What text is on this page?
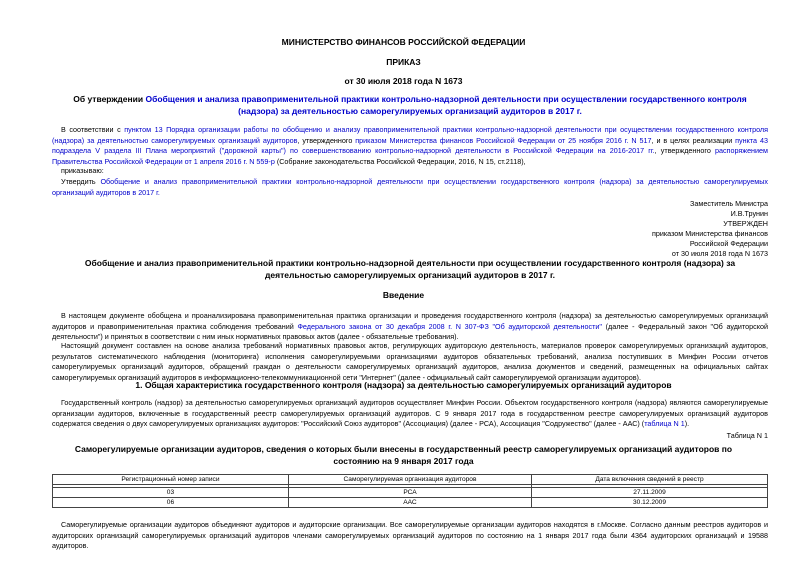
МИНИСТЕРСТВО ФИНАНСОВ РОССИЙСКОЙ ФЕДЕРАЦИИ
ПРИКАЗ
от 30 июля 2018 года N 1673
Об утверждении Обобщения и анализа правоприменительной практики контрольно-надзорной деятельности при осуществлении государственного контроля (надзора) за деятельностью саморегулируемых организаций аудиторов в 2017 г.
В соответствии с пунктом 13 Порядка организации работы по обобщению и анализу правоприменительной практики контрольно-надзорной деятельности при осуществлении государственного контроля (надзора) за деятельностью саморегулируемых организаций аудиторов, утвержденного приказом Министерства финансов Российской Федерации от 25 ноября 2016 г. N 517, и в целях реализации пункта 43 подраздела V раздела III Плана мероприятий ("дорожной карты") по совершенствованию контрольно-надзорной деятельности в Российской Федерации на 2016-2017 гг., утвержденного распоряжением Правительства Российской Федерации от 1 апреля 2016 г. N 559-р (Собрание законодательства Российской Федерации, 2016, N 15, ст.2118),
приказываю:
Утвердить Обобщение и анализ правоприменительной практики контрольно-надзорной деятельности при осуществлении государственного контроля (надзора) за деятельностью саморегулируемых организаций аудиторов в 2017 г.
Заместитель Министра
И.В.Трунин
УТВЕРЖДЕН
приказом Министерства финансов
Российской Федерации
от 30 июля 2018 года N 1673
Обобщение и анализ правоприменительной практики контрольно-надзорной деятельности при осуществлении государственного контроля (надзора) за деятельностью саморегулируемых организаций аудиторов в 2017 г.
Введение
В настоящем документе обобщена и проанализирована правоприменительная практика организации и проведения государственного контроля (надзора) за деятельностью саморегулируемых организаций аудиторов и правоприменительная практика соблюдения требований Федерального закона от 30 декабря 2008 г. N 307-ФЗ "Об аудиторской деятельности" (далее - Федеральный закон "Об аудиторской деятельности") и принятых в соответствии с ним иных нормативных правовых актов (далее - обязательные требования).
Настоящий документ составлен на основе анализа требований нормативных правовых актов, регулирующих аудиторскую деятельность, материалов проверок саморегулируемых организаций аудиторов, результатов систематического наблюдения (мониторинга) исполнения саморегулируемыми организациями аудиторов обязательных требований, анализа поступивших в Минфин России отчетов саморегулируемых организаций аудиторов, обращений граждан о деятельности саморегулируемых организаций аудиторов, анализа документов и сведений, размещенных на официальных сайтах саморегулируемых организаций аудиторов в информационно-телекоммуникационной сети "Интернет" (далее - официальный сайт саморегулируемой организации аудиторов).
1. Общая характеристика государственного контроля (надзора) за деятельностью саморегулируемых организаций аудиторов
Государственный контроль (надзор) за деятельностью саморегулируемых организаций аудиторов осуществляет Минфин России. Объектом государственного контроля (надзора) являются саморегулируемые организации аудиторов, включенные в государственный реестр саморегулируемых организаций аудиторов. С 9 января 2017 года в государственном реестре саморегулируемых организаций аудиторов содержатся сведения о двух саморегулируемых организациях аудиторов: "Российский Союз аудиторов" (Ассоциация) (далее - РСА), Ассоциация "Содружество" (далее - ААС) (таблица N 1).
Таблица N 1
Саморегулируемые организации аудиторов, сведения о которых были внесены в государственный реестр саморегулируемых организаций аудиторов по состоянию на 9 января 2017 года
Регистрационный номер записи	Саморегулируемая организация аудиторов	Дата включения сведений в реестр

03	РСА	27.11.2009
06	ААС	30.12.2009
Саморегулируемые организации аудиторов объединяют аудиторов и аудиторские организации. Все саморегулируемые организации аудиторов находятся в г.Москве. Согласно данным реестров аудиторов и аудиторских организаций саморегулируемых организаций аудиторов членами саморегулируемых организаций аудиторов по состоянию на 1 января 2017 года были 4364 аудиторских организаций и 19588 аудиторов.
